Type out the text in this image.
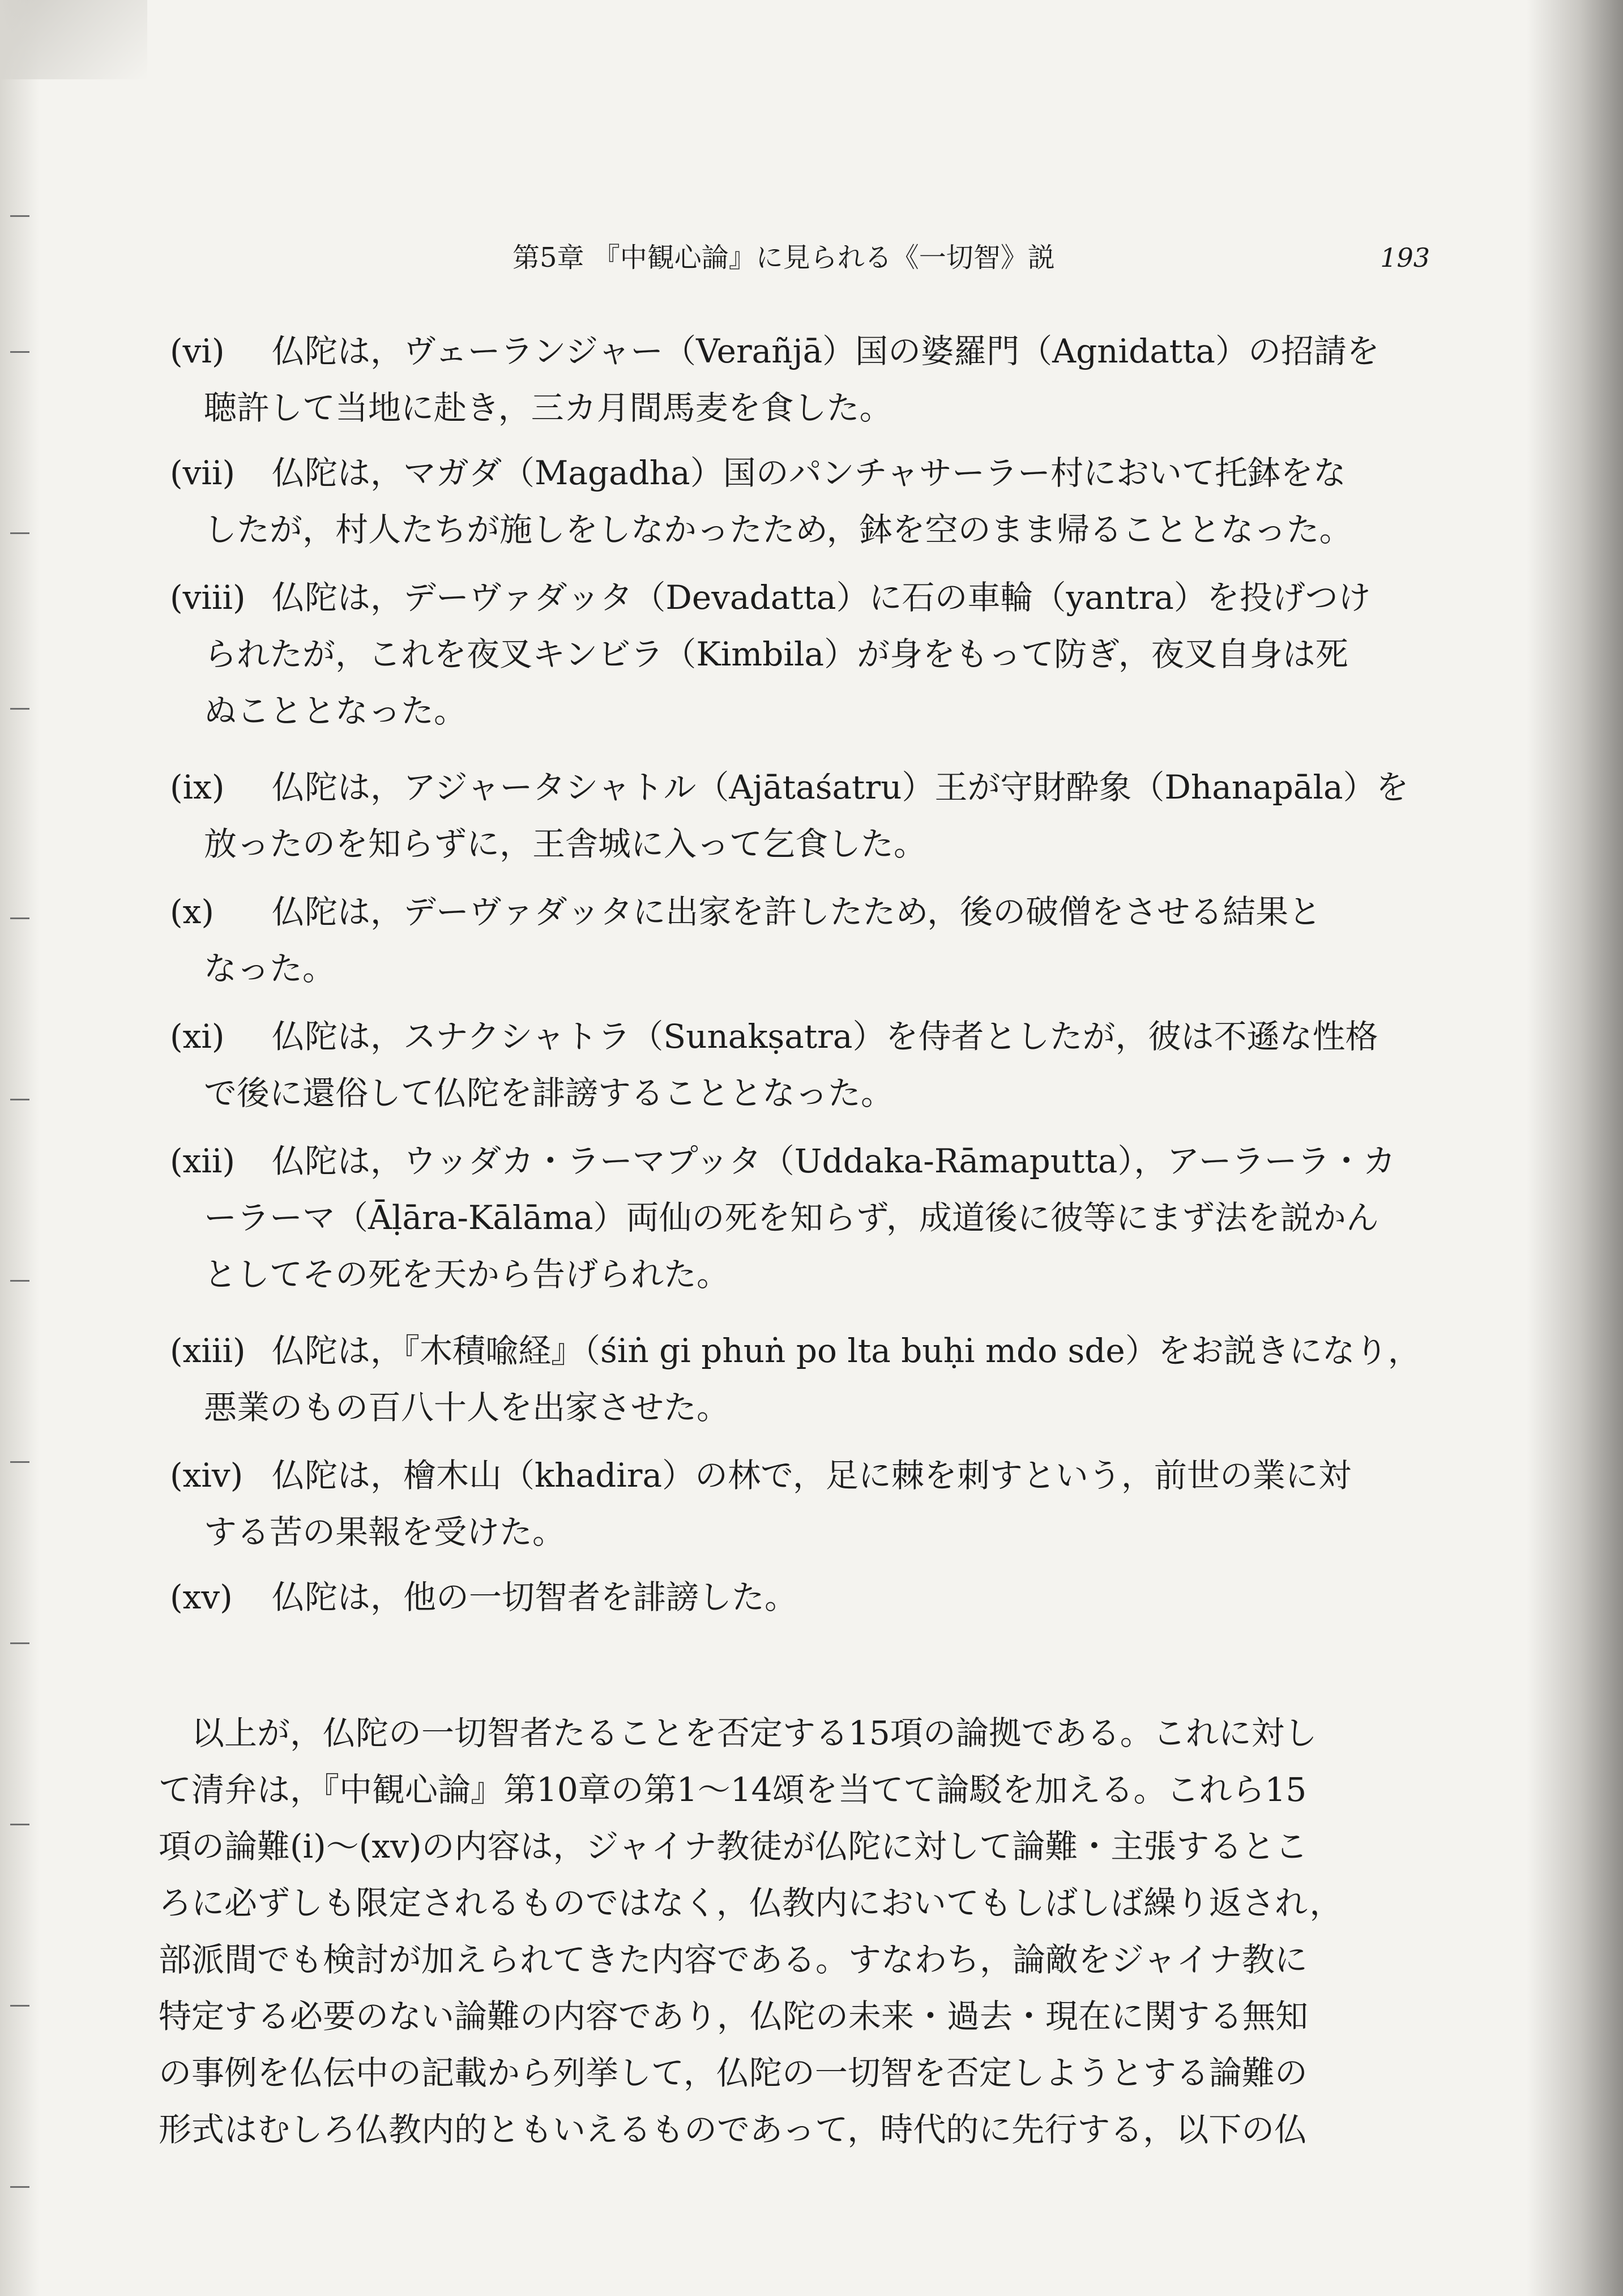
第5章 『中観心論』に見られる《一切智》説	193
(vi)	仏陀は，ヴェーランジャー（Verañjā）国の婆羅門（Agnidatta）の招請を
聴許して当地に赴き，三カ月間馬麦を食した。
(vii)	仏陀は，マガダ（Magadha）国のパンチャサーラー村において托鉢をな
したが，村人たちが施しをしなかったため，鉢を空のまま帰ることとなった。
(viii) 仏陀は，デーヴァダッタ（Devadatta）に石の車輪（yantra）を投げつけ
られたが，これを夜叉キンビラ（Kimbila）が身をもって防ぎ，夜叉自身は死
ぬこととなった。
(ix)	仏陀は，アジャータシャトル（Ajātaśatru）王が守財酔象（Dhanapāla）を
放ったのを知らずに，王舎城に入って乞食した。
(x)	仏陀は，デーヴァダッタに出家を許したため，後の破僧をさせる結果と
なった。
(xi)	仏陀は，スナクシャトラ（Sunakṣatra）を侍者としたが，彼は不遜な性格
で後に還俗して仏陀を誹謗することとなった。
(xii)	仏陀は，ウッダカ・ラーマプッタ（Uddaka-Rāmaputta），アーラーラ・カ
ーラーマ（Āḷāra-Kālāma）両仙の死を知らず，成道後に彼等にまず法を説かん
としてその死を天から告げられた。
(xiii) 仏陀は，『木積喩経』（śiṅ gi phuṅ po lta buḥi mdo sde）をお説きになり，
悪業のもの百八十人を出家させた。
(xiv) 仏陀は，檜木山（khadira）の林で，足に棘を刺すという，前世の業に対
する苦の果報を受けた。
(xv)	仏陀は，他の一切智者を誹謗した。
以上が，仏陀の一切智者たることを否定する15項の論拠である。これに対し
て清弁は，『中観心論』第10章の第1～14頌を当てて論駁を加える。これら15
項の論難(i)～(xv)の内容は，ジャイナ教徒が仏陀に対して論難・主張するとこ
ろに必ずしも限定されるものではなく，仏教内においてもしばしば繰り返され，
部派間でも検討が加えられてきた内容である。すなわち，論敵をジャイナ教に
特定する必要のない論難の内容であり，仏陀の未来・過去・現在に関する無知
の事例を仏伝中の記載から列挙して，仏陀の一切智を否定しようとする論難の
形式はむしろ仏教内的ともいえるものであって，時代的に先行する，以下の仏
